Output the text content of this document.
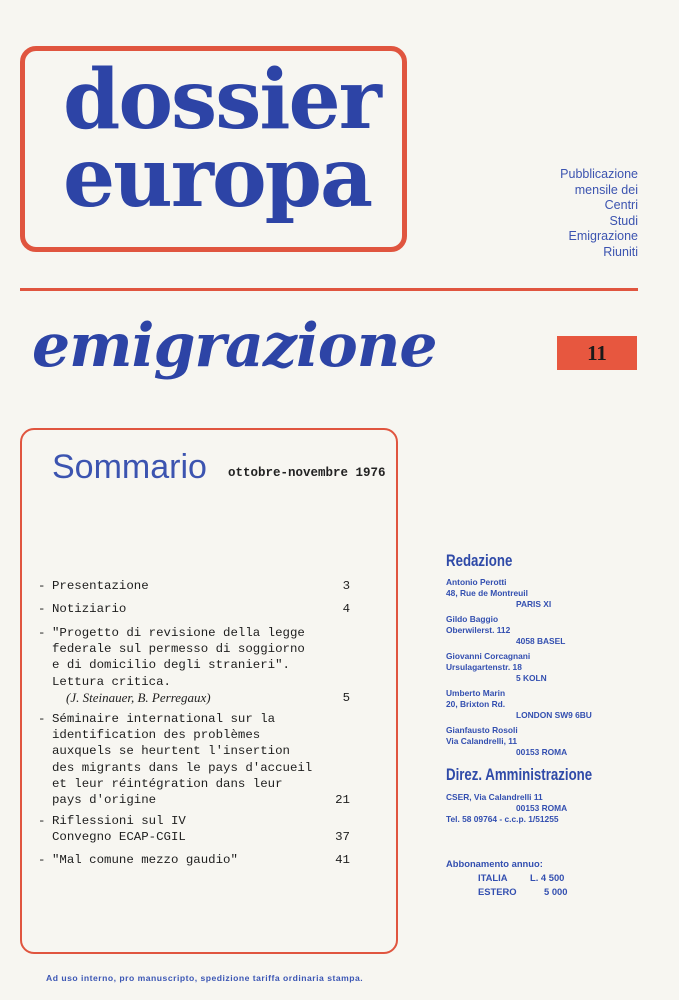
dossier
europa	Pubblicazione
mensile dei
Centri
Studi
Emigrazione
Riuniti
emigrazione	11
Sommario ottobre-novembre 1976
- Presentazione	3
- Notiziario	4
- "Progetto di revisione della legge federale sul permesso di soggiorno e di domicilio degli stranieri". Lettura critica.
(J. Steinauer, B. Perregaux)	5
- Séminaire international sur la identification des problèmes auxquels se heurtent l'insertion des migrants dans le pays d'accueil et leur réintégration dans leur pays d'origine	21
- Riflessioni sul IV Convegno ECAP-CGIL	37
- "Mal comune mezzo gaudio"	41
Redazione
Antonio Perotti
48, Rue de Montreuil
PARIS XI
Gildo Baggio
Oberwilerst. 112
4058 BASEL
Giovanni Corcagnani
Ursulagartenstr. 18
5 KOLN
Umberto Marin
20, Brixton Rd.
LONDON SW9 6BU
Gianfausto Rosoli
Via Calandrelli, 11
00153 ROMA
Direz. Amministrazione
CSER, Via Calandrelli 11
00153 ROMA
Tel. 58 09764 - c.c.p. 1/51255
Abbonamento annuo:
ITALIA L. 4 500
ESTERO	5 000
Ad uso interno, pro manuscripto, spedizione tariffa ordinaria stampa.
